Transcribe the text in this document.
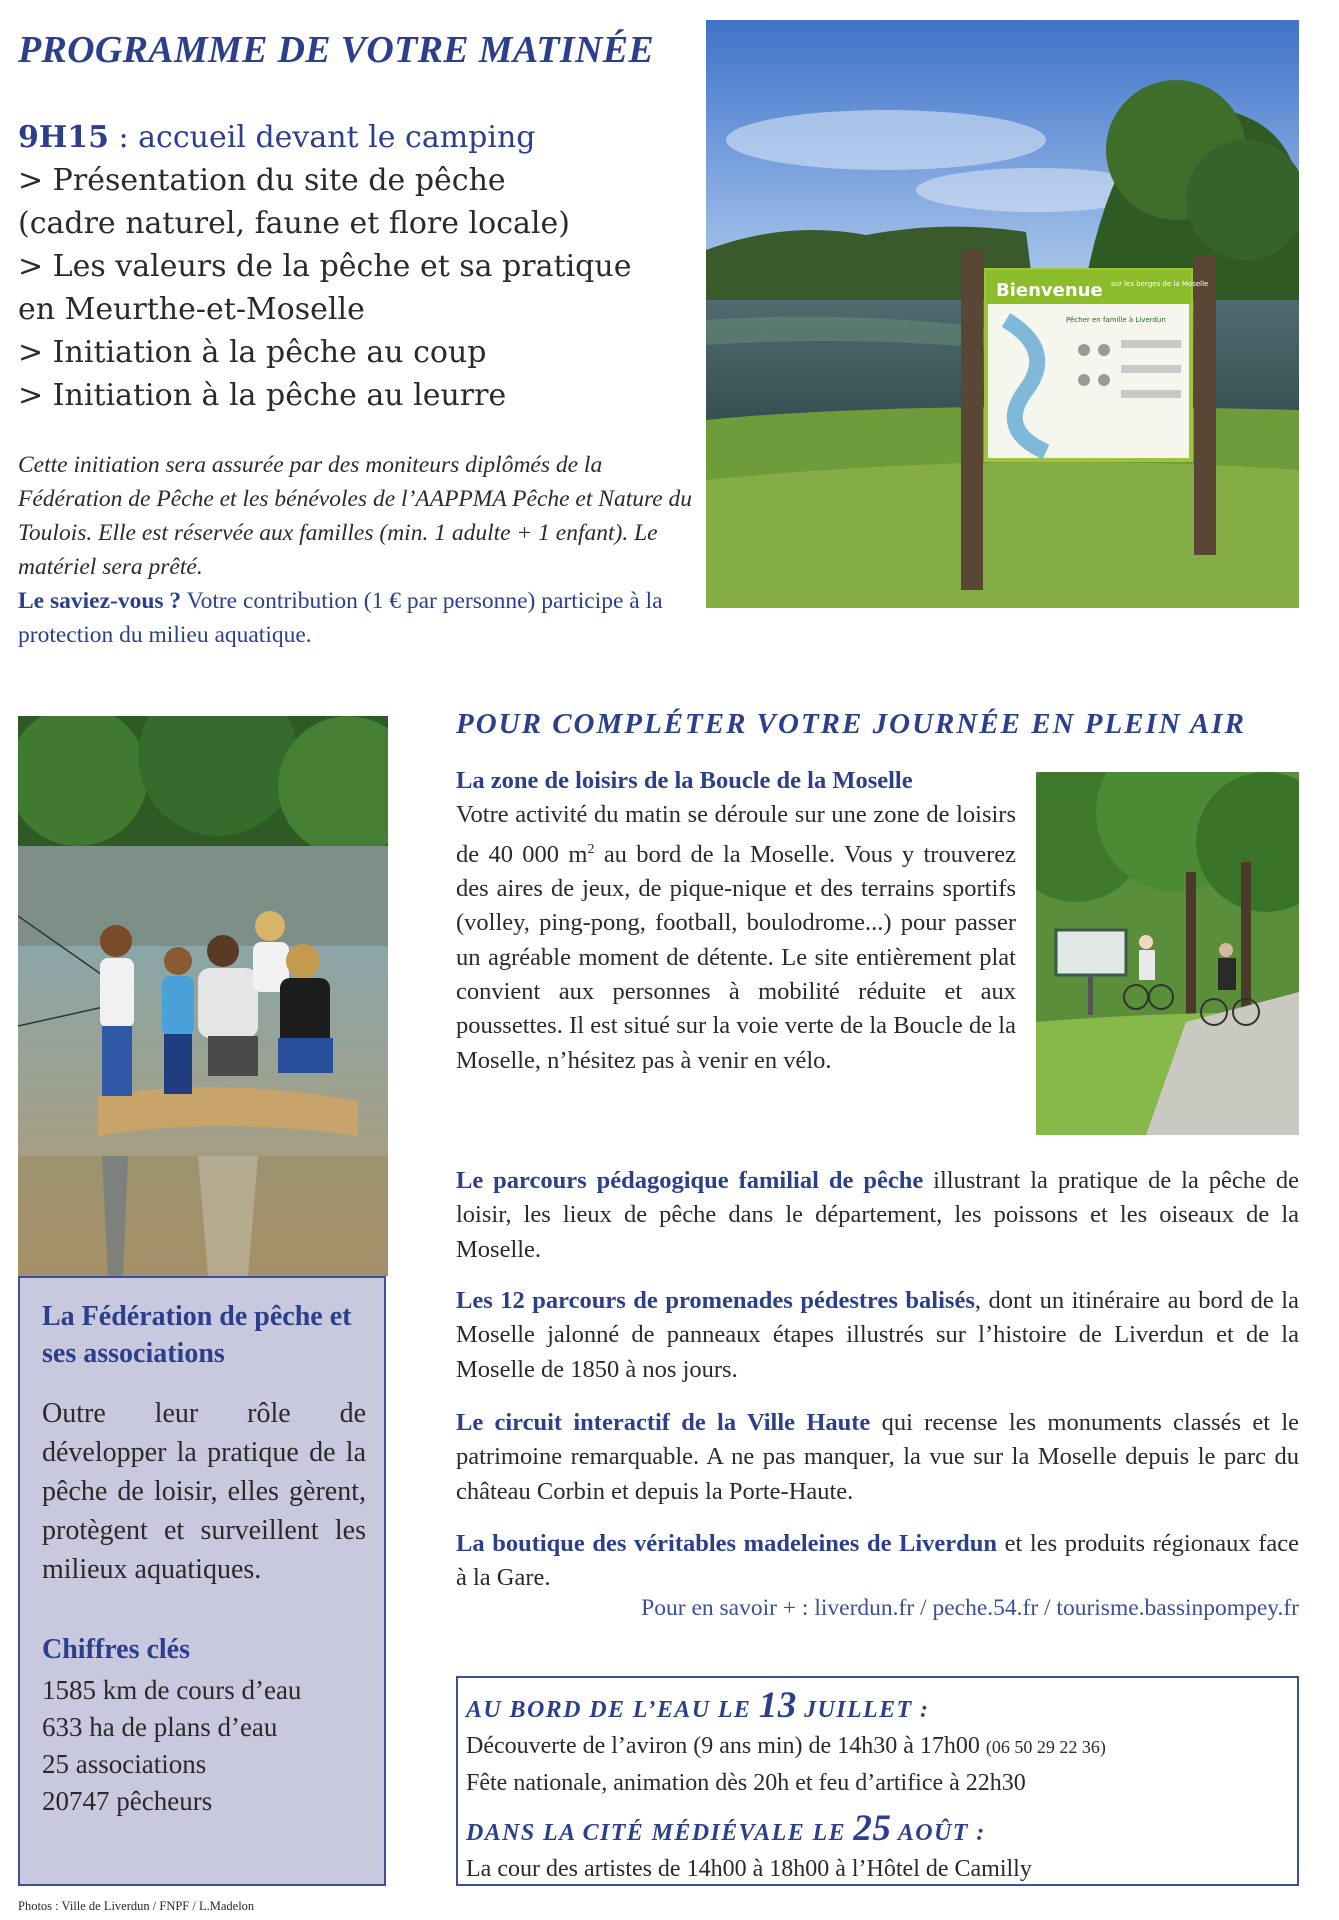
PROGRAMME DE VOTRE MATINÉE
9H15 : accueil devant le camping
> Présentation du site de pêche
(cadre naturel, faune et flore locale)
> Les valeurs de la pêche et sa pratique
en Meurthe-et-Moselle
> Initiation à la pêche au coup
> Initiation à la pêche au leurre
Cette initiation sera assurée par des moniteurs diplômés de la Fédération de Pêche et les bénévoles de l’AAPPMA Pêche et Nature du Toulois. Elle est réservée aux familles (min. 1 adulte + 1 enfant). Le matériel sera prêté.
Le saviez-vous ? Votre contribution (1 € par personne) participe à la protection du milieu aquatique.
Bienvenue sur les berges de la Moselle
Pêcher en famille à Liverdun
La Fédération de pêche et ses associations

Outre leur rôle de développer la pratique de la pêche de loisir, elles gèrent, protègent et surveillent les milieux aquatiques.

Chiffres clés
1585 km de cours d’eau
633 ha de plans d’eau
25 associations
20747 pêcheurs
Photos : Ville de Liverdun / FNPF / L.Madelon
POUR COMPLÉTER VOTRE JOURNÉE EN PLEIN AIR
La zone de loisirs de la Boucle de la Moselle
Votre activité du matin se déroule sur une zone de loisirs de 40 000 $m^2$ au bord de la Moselle. Vous y trouverez des aires de jeux, de pique-nique et des terrains sportifs (volley, ping-pong, football, boulodrome...) pour passer un agréable moment de détente. Le site entièrement plat convient aux personnes à mobilité réduite et aux poussettes. Il est situé sur la voie verte de la Boucle de la Moselle, n’hésitez pas à venir en vélo.
Le parcours pédagogique familial de pêche illustrant la pratique de la pêche de loisir, les lieux de pêche dans le département, les poissons et les oiseaux de la Moselle.
Les 12 parcours de promenades pédestres balisés, dont un itinéraire au bord de la Moselle jalonné de panneaux étapes illustrés sur l’histoire de Liverdun et de la Moselle de 1850 à nos jours.
Le circuit interactif de la Ville Haute qui recense les monuments classés et le patrimoine remarquable. A ne pas manquer, la vue sur la Moselle depuis le parc du château Corbin et depuis la Porte-Haute.
La boutique des véritables madeleines de Liverdun et les produits régionaux face à la Gare.
Pour en savoir + : liverdun.fr / peche.54.fr / tourisme.bassinpompey.fr
AU BORD DE L’EAU LE 13 JUILLET :
Découverte de l’aviron (9 ans min) de 14h30 à 17h00 (06 50 29 22 36)
Fête nationale, animation dès 20h et feu d’artifice à 22h30
DANS LA CITÉ MÉDIÉVALE LE 25 AOÛT :
La cour des artistes de 14h00 à 18h00 à l’Hôtel de Camilly
